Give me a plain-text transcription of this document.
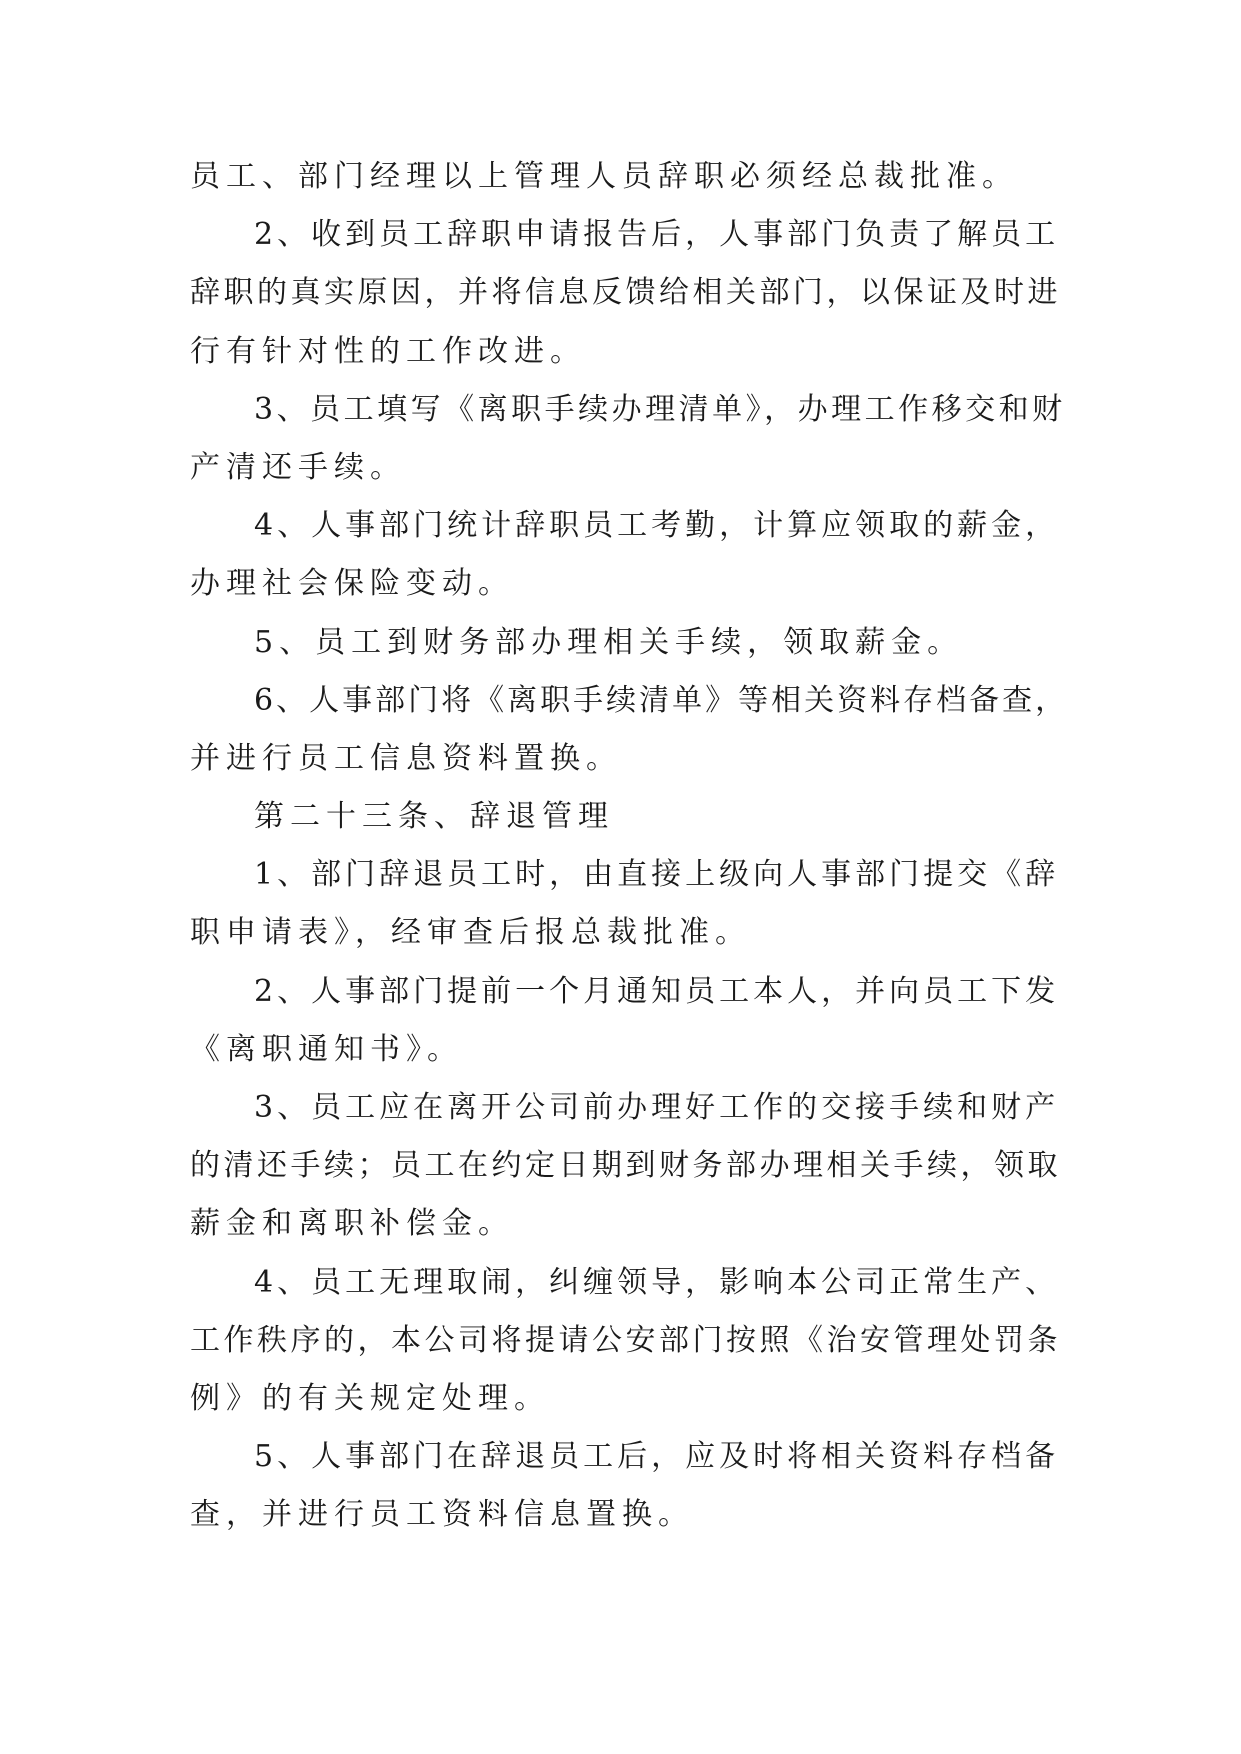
员工、部门经理以上管理人员辞职必须经总裁批准。
2、收到员工辞职申请报告后，人事部门负责了解员工
辞职的真实原因，并将信息反馈给相关部门，以保证及时进
行有针对性的工作改进。
3、员工填写《离职手续办理清单》，办理工作移交和财
产清还手续。
4、人事部门统计辞职员工考勤，计算应领取的薪金，
办理社会保险变动。
5、员工到财务部办理相关手续，领取薪金。
6、人事部门将《离职手续清单》等相关资料存档备查，
并进行员工信息资料置换。
第二十三条、辞退管理
1、部门辞退员工时，由直接上级向人事部门提交《辞
职申请表》，经审查后报总裁批准。
2、人事部门提前一个月通知员工本人，并向员工下发
《离职通知书》。
3、员工应在离开公司前办理好工作的交接手续和财产
的清还手续；员工在约定日期到财务部办理相关手续，领取
薪金和离职补偿金。
4、员工无理取闹，纠缠领导，影响本公司正常生产、
工作秩序的，本公司将提请公安部门按照《治安管理处罚条
例》的有关规定处理。
5、人事部门在辞退员工后，应及时将相关资料存档备
查，并进行员工资料信息置换。
